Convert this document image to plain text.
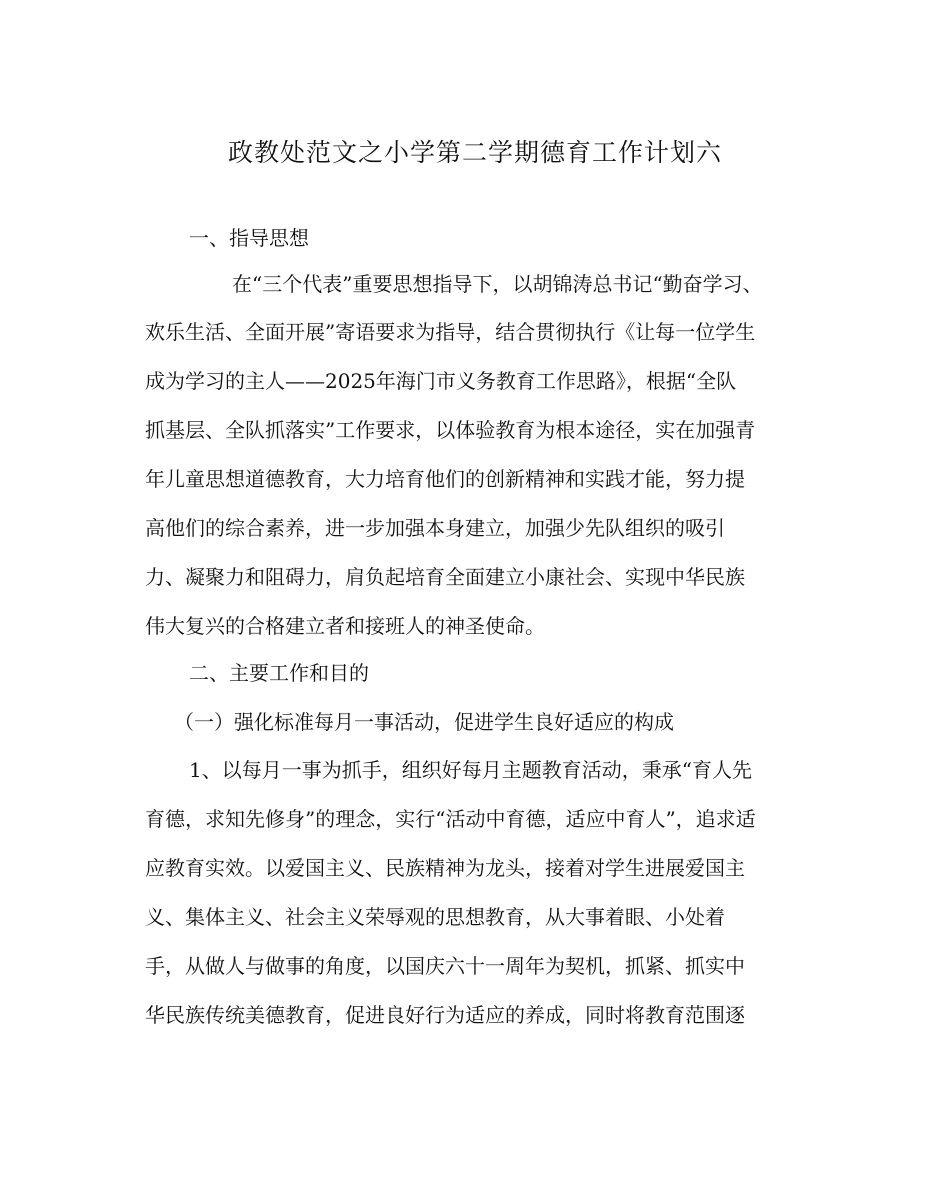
政教处范文之小学第二学期德育工作计划六
一、指导思想
在“三个代表”重要思想指导下，以胡锦涛总书记“勤奋学习、
欢乐生活、全面开展”寄语要求为指导，结合贯彻执行《让每一位学生
成为学习的主人——2025年海门市义务教育工作思路》，根据“全队
抓基层、全队抓落实”工作要求，以体验教育为根本途径，实在加强青
年儿童思想道德教育，大力培育他们的创新精神和实践才能，努力提
高他们的综合素养，进一步加强本身建立，加强少先队组织的吸引
力、凝聚力和阻碍力，肩负起培育全面建立小康社会、实现中华民族
伟大复兴的合格建立者和接班人的神圣使命。
二、主要工作和目的
（一）强化标准每月一事活动，促进学生良好适应的构成
1、以每月一事为抓手，组织好每月主题教育活动，秉承“育人先
育德，求知先修身”的理念，实行“活动中育德，适应中育人”，追求适
应教育实效。以爱国主义、民族精神为龙头，接着对学生进展爱国主
义、集体主义、社会主义荣辱观的思想教育，从大事着眼、小处着
手，从做人与做事的角度，以国庆六十一周年为契机，抓紧、抓实中
华民族传统美德教育，促进良好行为适应的养成，同时将教育范围逐
